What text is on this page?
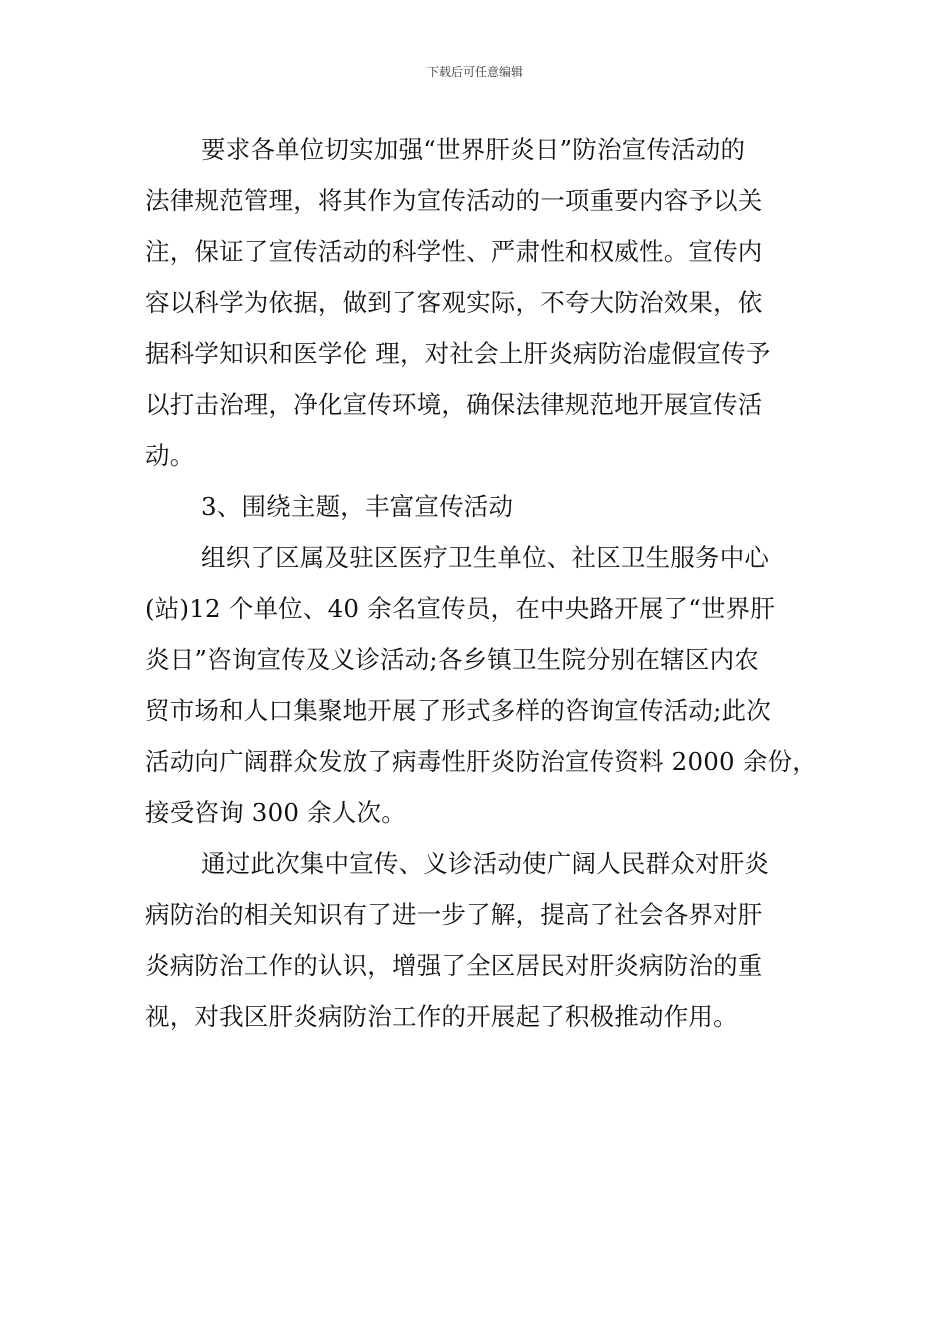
下载后可任意编辑
要求各单位切实加强“世界肝炎日”防治宣传活动的
法律规范管理，将其作为宣传活动的一项重要内容予以关
注，保证了宣传活动的科学性、严肃性和权威性。宣传内
容以科学为依据，做到了客观实际，不夸大防治效果，依
据科学知识和医学伦 理，对社会上肝炎病防治虚假宣传予
以打击治理，净化宣传环境，确保法律规范地开展宣传活
动。
3、围绕主题，丰富宣传活动
组织了区属及驻区医疗卫生单位、社区卫生服务中心
(站)12 个单位、40 余名宣传员，在中央路开展了“世界肝
炎日”咨询宣传及义诊活动;各乡镇卫生院分别在辖区内农
贸市场和人口集聚地开展了形式多样的咨询宣传活动;此次
活动向广阔群众发放了病毒性肝炎防治宣传资料 2000 余份，
接受咨询 300 余人次。
通过此次集中宣传、义诊活动使广阔人民群众对肝炎
病防治的相关知识有了进一步了解，提高了社会各界对肝
炎病防治工作的认识，增强了全区居民对肝炎病防治的重
视，对我区肝炎病防治工作的开展起了积极推动作用。
